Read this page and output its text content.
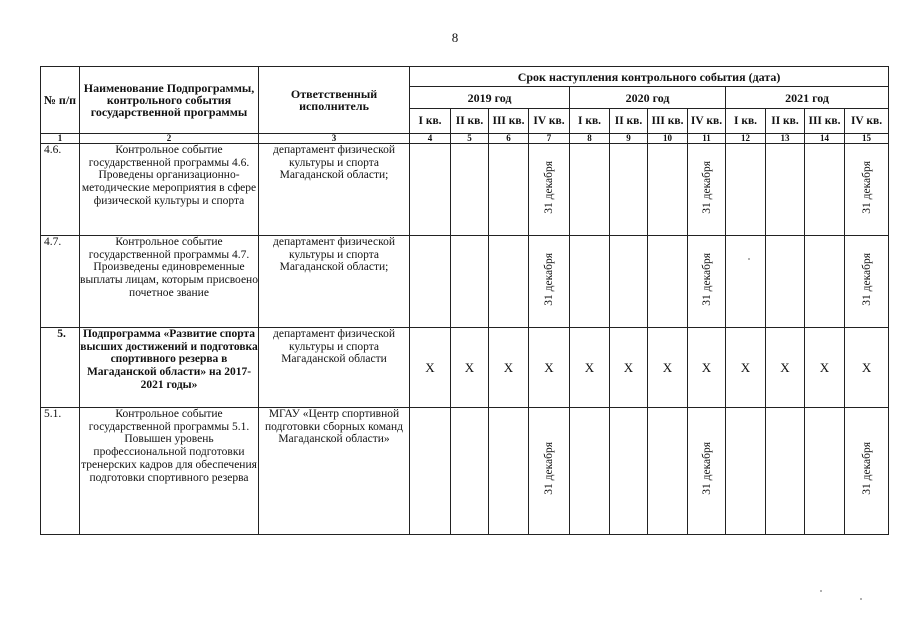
8
№ п/п	Наименование Подпрограммы, контрольного события государственной программы	Ответственный исполнитель	Срок наступления контрольного события (дата)											
			2019 год				2020 год				2021 год			
			I кв.	II кв.	III кв.	IV кв.	I кв.	II кв.	III кв.	IV кв.	I кв.	II кв.	III кв.	IV кв.
1	2	3	4	5	6	7	8	9	10	11	12	13	14	15
4.6.	Контрольное событие государственной программы 4.6. Проведены организационно-методические мероприятия в сфере физической культуры и спорта	департамент физической культуры и спорта Магаданской области;				31 декабря				31 декабря				31 декабря
4.7.	Контрольное событие государственной программы 4.7. Произведены единовременные выплаты лицам, которым присвоено почетное звание	департамент физической культуры и спорта Магаданской области;				31 декабря				31 декабря				31 декабря
5.	Подпрограмма «Развитие спорта высших достижений и подготовка спортивного резерва в Магаданской области» на 2017-2021 годы»	департамент физической культуры и спорта Магаданской области	X	X	X	X	X	X	X	X	X	X	X	X
5.1.	Контрольное событие государственной программы 5.1. Повышен уровень профессиональной подготовки тренерских кадров для обеспечения подготовки спортивного резерва	МГАУ «Центр спортивной подготовки сборных команд Магаданской области»				31 декабря				31 декабря				31 декабря
